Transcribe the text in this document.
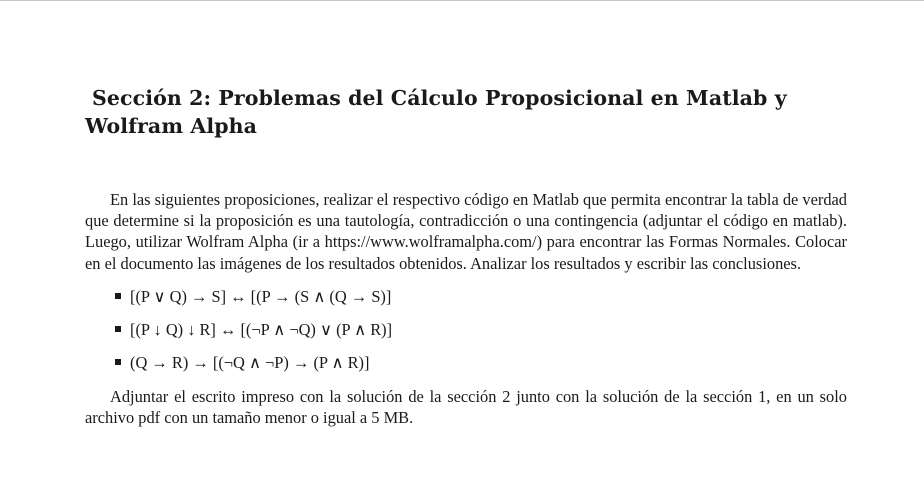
Sección 2: Problemas del Cálculo Proposicional en Matlab y Wolfram Alpha

En las siguientes proposiciones, realizar el respectivo código en Matlab que permita encontrar la tabla de verdad que determine si la proposición es una tautología, contradicción o una contingencia (adjuntar el código en matlab). Luego, utilizar Wolfram Alpha (ir a https://www.wolframalpha.com/) para encontrar las Formas Normales. Colocar en el documento las imágenes de los resultados obtenidos. Analizar los resultados y escribir las conclusiones.

[(P ∨ Q) → S] ↔ [(P → (S ∧ (Q → S)]
[(P ↓ Q) ↓ R] ↔ [(¬P ∧ ¬Q) ∨ (P ∧ R)]
(Q → R) → [(¬Q ∧ ¬P) → (P ∧ R)]

Adjuntar el escrito impreso con la solución de la sección 2 junto con la solución de la sección 1, en un solo archivo pdf con un tamaño menor o igual a 5 MB.
